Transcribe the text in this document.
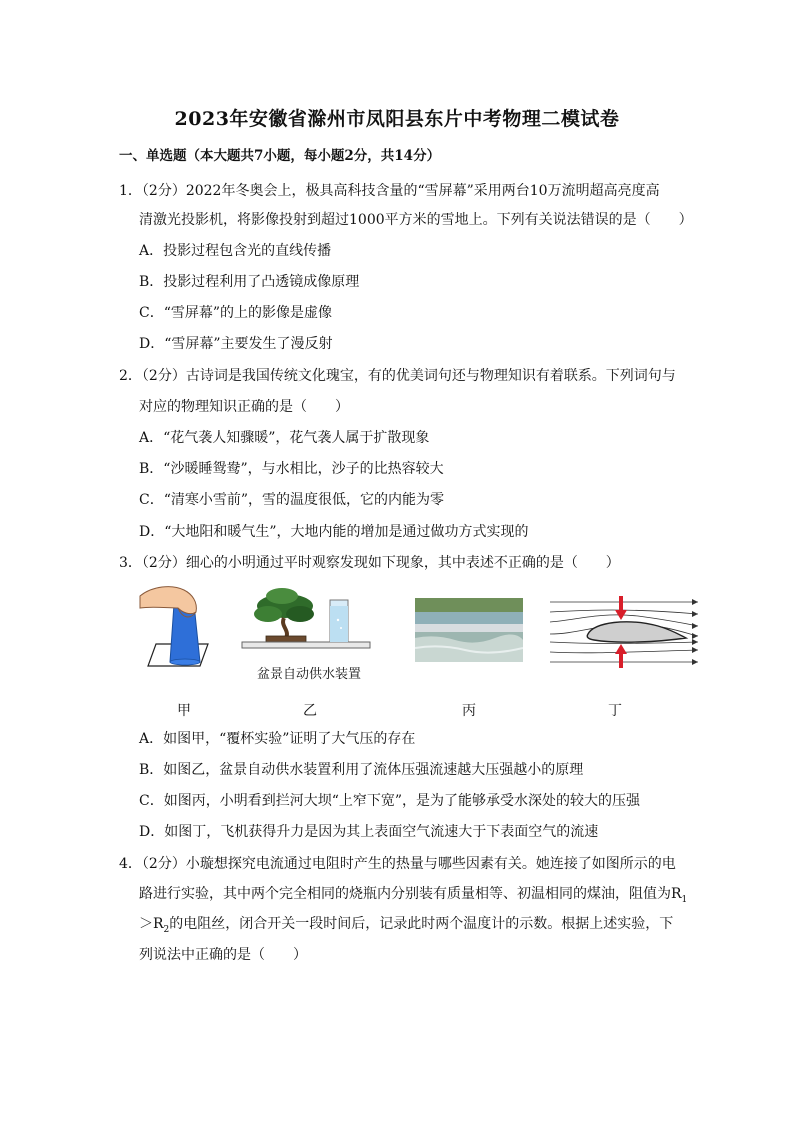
2023年安徽省滁州市凤阳县东片中考物理二模试卷
一、单选题（本大题共7小题，每小题2分，共14分）
1．（2分）2022年冬奥会上，极具高科技含量的“雪屏幕”采用两台10万流明超高亮度高
清激光投影机，将影像投射到超过1000平方米的雪地上。下列有关说法错误的是（　　）
A．投影过程包含光的直线传播
B．投影过程利用了凸透镜成像原理
C．“雪屏幕”的上的影像是虚像
D．“雪屏幕”主要发生了漫反射
2．（2分）古诗词是我国传统文化瑰宝，有的优美词句还与物理知识有着联系。下列词句与
对应的物理知识正确的是（　　）
A．“花气袭人知骤暖”，花气袭人属于扩散现象
B．“沙暖睡鸳鸯”，与水相比，沙子的比热容较大
C．“清寒小雪前”，雪的温度很低，它的内能为零
D．“大地阳和暖气生”，大地内能的增加是通过做功方式实现的
3．（2分）细心的小明通过平时观察发现如下现象，其中表述不正确的是（　　）
盆景自动供水装置
甲	乙	丙	丁
A．如图甲，“覆杯实验”证明了大气压的存在
B．如图乙，盆景自动供水装置利用了流体压强流速越大压强越小的原理
C．如图丙，小明看到拦河大坝“上窄下宽”，是为了能够承受水深处的较大的压强
D．如图丁，飞机获得升力是因为其上表面空气流速大于下表面空气的流速
4．（2分）小璇想探究电流通过电阻时产生的热量与哪些因素有关。她连接了如图所示的电
路进行实验，其中两个完全相同的烧瓶内分别装有质量相等、初温相同的煤油，阻值为$R_1$
$>R_2$的电阻丝，闭合开关一段时间后，记录此时两个温度计的示数。根据上述实验，下
列说法中正确的是（　　）
